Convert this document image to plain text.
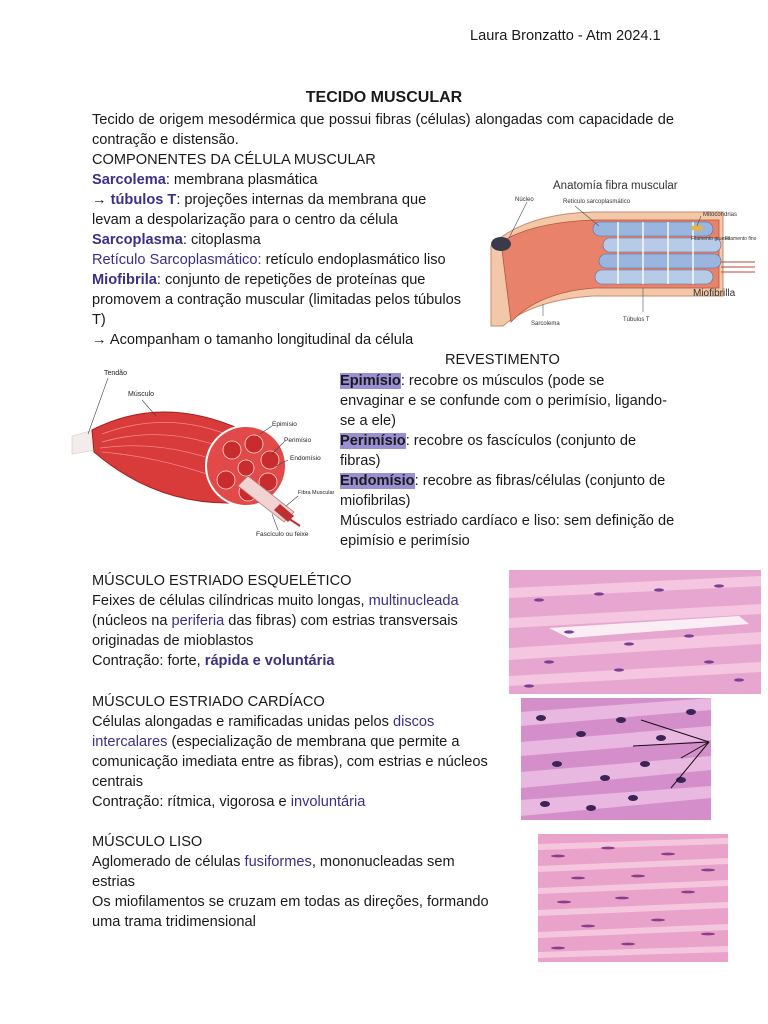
Laura Bronzatto - Atm 2024.1
TECIDO MUSCULAR

Tecido de origem mesodérmica que possui fibras (células) alongadas com capacidade de contração e distensão.

COMPONENTES DA CÉLULA MUSCULAR

Sarcolema: membrana plasmática

→ túbulos T: projeções internas da membrana que levam a despolarização para o centro da célula

Sarcoplasma: citoplasma

Retículo Sarcoplasmático: retículo endoplasmático liso

Miofibrila: conjunto de repetições de proteínas que promovem a contração muscular (limitadas pelos túbulos T)

→ Acompanham o tamanho longitudinal da célula
Anatomía fibra muscular
Núcleo	Retículo sarcoplasmático
Mitocondrias
Filamento grueso
Filamento fino
Miofibrilla
Sarcolema
Túbulos T
REVESTIMENTO

Epimísio: recobre os músculos (pode se envaginar e se confunde com o perimísio, ligando-se a ele)

Perimísio: recobre os fascículos (conjunto de fibras)

Endomísio: recobre as fibras/células (conjunto de miofibrilas)

Músculos estriado cardíaco e liso: sem definição de epimísio e perimísio

Tendão
Músculo
Epimísio
Perimísio
Endomísio
Fibra Muscular
Fascículo ou feixe
MÚSCULO ESTRIADO ESQUELÉTICO

Feixes de células cilíndricas muito longas, multinucleada (núcleos na periferia das fibras) com estrias transversais originadas de mioblastos

Contração: forte, rápida e voluntária

MÚSCULO ESTRIADO CARDÍACO

Células alongadas e ramificadas unidas pelos discos intercalares (especialização de membrana que permite a comunicação imediata entre as fibras), com estrias e núcleos centrais

Contração: rítmica, vigorosa e involuntária

MÚSCULO LISO

Aglomerado de células fusiformes, mononucleadas sem estrias

Os miofilamentos se cruzam em todas as direções, formando uma trama tridimensional
